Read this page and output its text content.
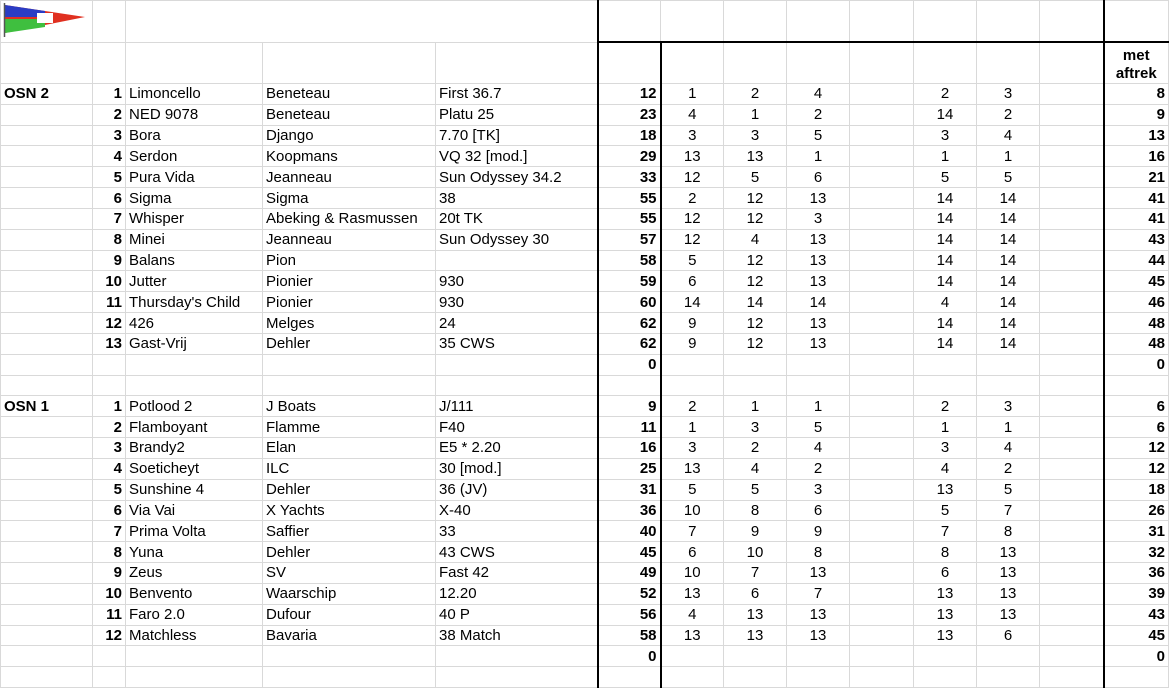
													met
aftrek

OSN 2	1	Limoncello	Beneteau	First 36.7	12	1	2	4		2	3		8
	2	NED 9078	Beneteau	Platu 25	23	4	1	2		14	2		9
	3	Bora	Django	7.70 [TK]	18	3	3	5		3	4		13
	4	Serdon	Koopmans	VQ 32 [mod.]	29	13	13	1		1	1		16
	5	Pura Vida	Jeanneau	Sun Odyssey 34.2	33	12	5	6		5	5		21
	6	Sigma	Sigma	38	55	2	12	13		14	14		41
	7	Whisper	Abeking & Rasmussen	20t TK	55	12	12	3		14	14		41
	8	Minei	Jeanneau	Sun Odyssey 30	57	12	4	13		14	14		43
	9	Balans	Pion		58	5	12	13		14	14		44
	10	Jutter	Pionier	930	59	6	12	13		14	14		45
	11	Thursday's Child	Pionier	930	60	14	14	14		4	14		46
	12	426	Melges	24	62	9	12	13		14	14		48
	13	Gast-Vrij	Dehler	35 CWS	62	9	12	13		14	14		48
					0								0

OSN 1	1	Potlood 2	J Boats	J/111	9	2	1	1		2	3		6
	2	Flamboyant	Flamme	F40	11	1	3	5		1	1		6
	3	Brandy2	Elan	E5 * 2.20	16	3	2	4		3	4		12
	4	Soeticheyt	ILC	30 [mod.]	25	13	4	2		4	2		12
	5	Sunshine 4	Dehler	36 (JV)	31	5	5	3		13	5		18
	6	Via Vai	X Yachts	X-40	36	10	8	6		5	7		26
	7	Prima Volta	Saffier	33	40	7	9	9		7	8		31
	8	Yuna	Dehler	43 CWS	45	6	10	8		8	13		32
	9	Zeus	SV	Fast 42	49	10	7	13		6	13		36
	10	Benvento	Waarschip	12.20	52	13	6	7		13	13		39
	11	Faro 2.0	Dufour	40 P	56	4	13	13		13	13		43
	12	Matchless	Bavaria	38 Match	58	13	13	13		13	6		45
					0								0
